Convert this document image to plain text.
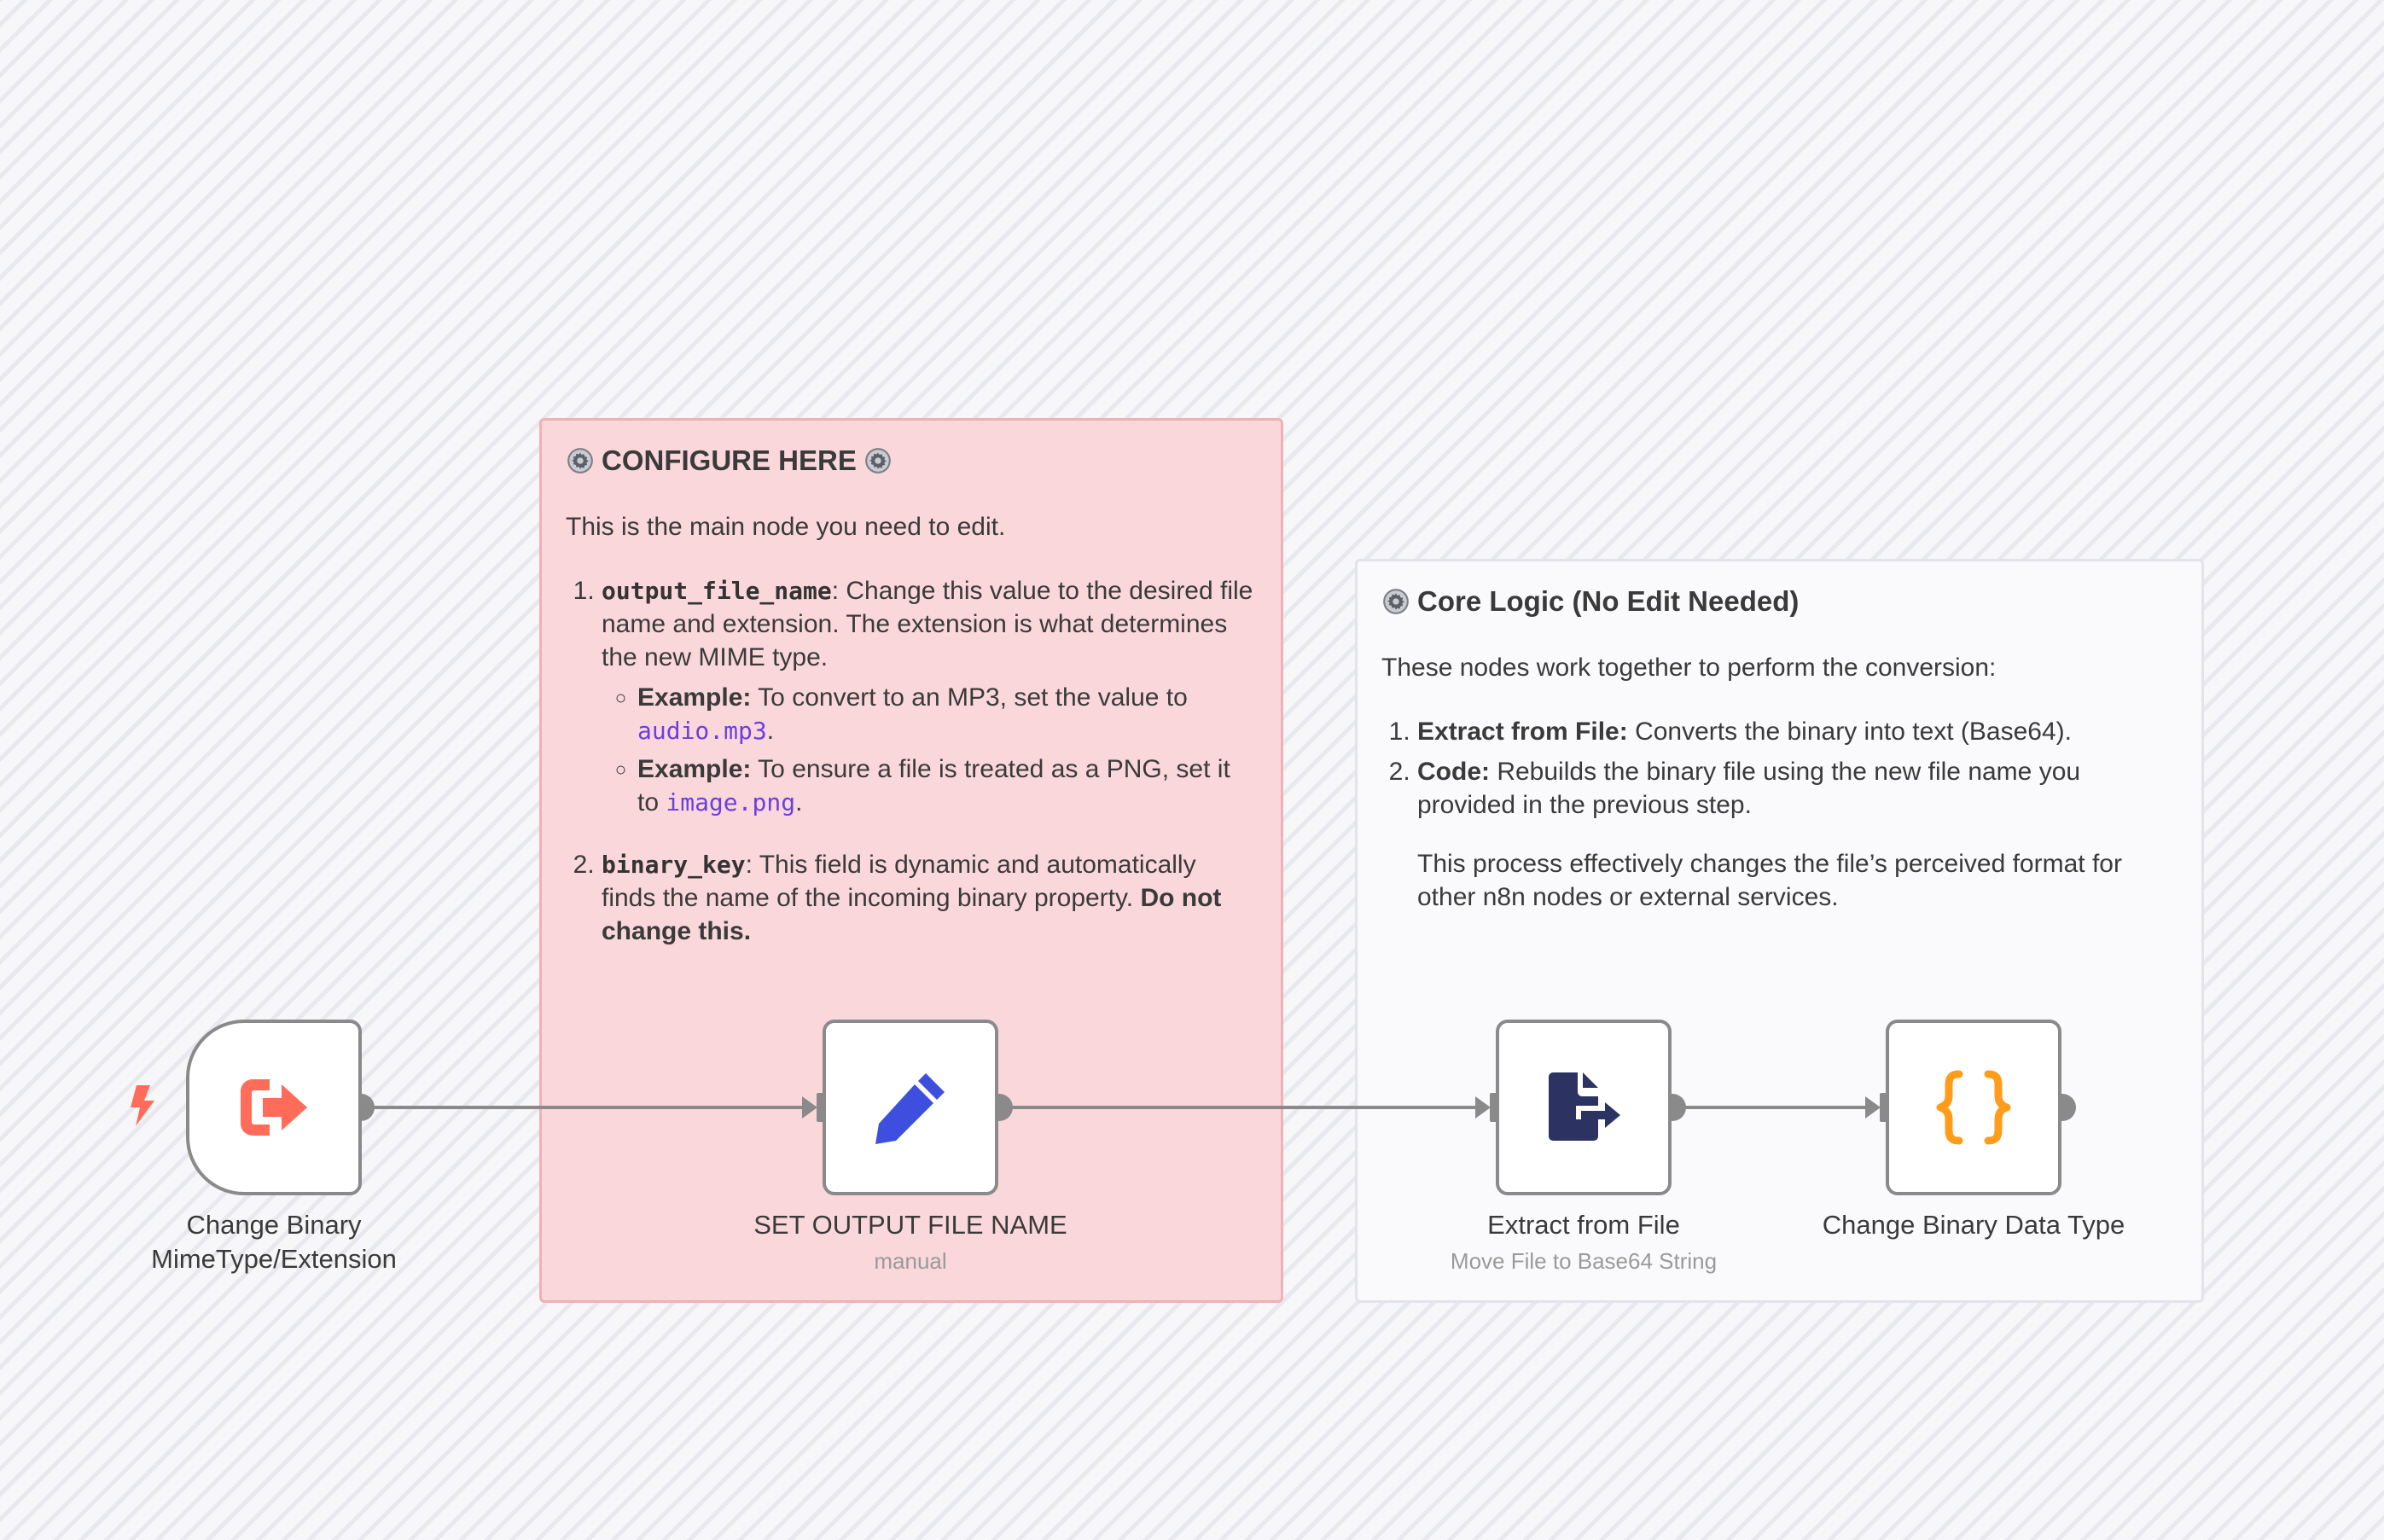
CONFIGURE HERE

This is the main node you need to edit.

1. output_file_name: Change this value to the desired file name and extension. The extension is what determines the new MIME type.
◦ Example: To convert to an MP3, set the value to audio.mp3.
◦ Example: To ensure a file is treated as a PNG, set it to image.png.
2. binary_key: This field is dynamic and automatically finds the name of the incoming binary property. Do not change this.
Core Logic (No Edit Needed)

These nodes work together to perform the conversion:

1. Extract from File: Converts the binary into text (Base64).
2. Code: Rebuilds the binary file using the new file name you provided in the previous step.
This process effectively changes the file’s perceived format for other n8n nodes or external services.
Change Binary
MimeType/Extension
SET OUTPUT FILE NAME
manual
Extract from File
Move File to Base64 String
Change Binary Data Type
